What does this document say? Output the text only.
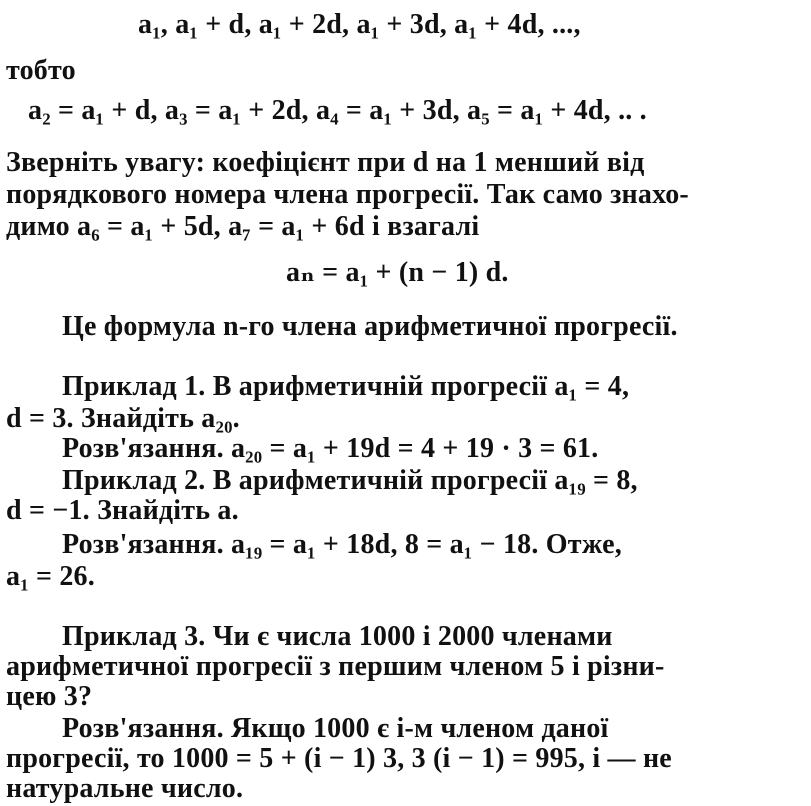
a₁, a₁ + d, a₁ + 2d, a₁ + 3d, a₁ + 4d, ...,
тобто
a₂ = a₁ + d, a₃ = a₁ + 2d, a₄ = a₁ + 3d, a₅ = a₁ + 4d, .. .
Зверніть увагу: коефіцієнт при d на 1 менший від
порядкового номера члена прогресії. Так само знахо-
димо a₆ = a₁ + 5d, a₇ = a₁ + 6d і взагалі
aₙ = a₁ + (n − 1) d.
Це формула n-го члена арифметичної прогресії.
Приклад 1. В арифметичній прогресії a₁ = 4,
d = 3. Знайдіть a₂₀.
Розв'язання. a₂₀ = a₁ + 19d = 4 + 19 · 3 = 61.
Приклад 2. В арифметичній прогресії a₁₉ = 8,
d = −1. Знайдіть a.
Розв'язання. a₁₉ = a₁ + 18d, 8 = a₁ − 18. Отже,
a₁ = 26.
Приклад 3. Чи є числа 1000 і 2000 членами
арифметичної прогресії з першим членом 5 і різни-
цею 3?
Розв'язання. Якщо 1000 є i-м членом даної
прогресії, то 1000 = 5 + (i − 1) 3, 3 (i − 1) = 995, i — не
натуральне число.
